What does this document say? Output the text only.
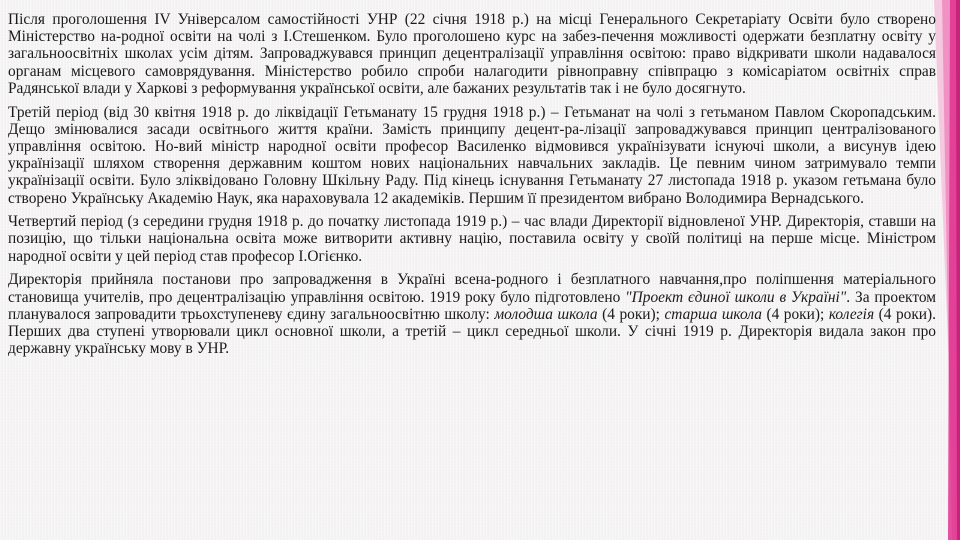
Після проголошення IV Універсалом самостійності УНР (22 січня 1918 р.) на місці Генерального Секретаріату Освіти було створено Міністерство на-родної освіти на чолі з І.Стешенком. Було проголошено курс на забез-печення можливості одержати безплатну освіту у загальноосвітніх школах усім дітям. Запроваджувався принцип децентралізації управління освітою: право відкривати школи надавалося органам місцевого самоврядування. Міністерство робило спроби налагодити рівноправну співпрацю з комісаріатом освітніх справ Радянської влади у Харкові з реформування української освіти, але бажаних результатів так і не було досягнуто.

Третій період (від 30 квітня 1918 р. до ліквідації Гетьманату 15 грудня 1918 р.) – Гетьманат на чолі з гетьманом Павлом Скоропадським. Дещо змінювалися засади освітнього життя країни. Замість принципу децент-ра-лізації запроваджувався принцип централізованого управління освітою. Но-вий міністр народної освіти професор Василенко відмовився українізувати існуючі школи, а висунув ідею українізації шляхом створення державним коштом нових національних навчальних закладів. Це певним чином затримувало темпи українізації освіти. Було зліквідовано Головну Шкільну Раду. Під кінець існування Гетьманату 27 листопада 1918 р. указом гетьмана було створено Українську Академію Наук, яка нараховувала 12 академіків. Першим її президентом вибрано Володимира Вернадського.

Четвертий період (з середини грудня 1918 р. до початку листопада 1919 р.) – час влади Директорії відновленої УНР. Директорія, ставши на позицію, що тільки національна освіта може витворити активну націю, поставила освіту у своїй політиці на перше місце. Міністром народної освіти у цей період став професор І.Огієнко.

Директорія прийняла постанови про запровадження в Україні всена-родного і безплатного навчання,про поліпшення матеріального становища учителів, про децентралізацію управління освітою. 1919 року було підготовлено "Проект єдиної школи в Україні". За проектом планувалося запровадити трьохступеневу єдину загальноосвітню школу: молодша школа (4 роки); старша школа (4 роки); колегія (4 роки). Перших два ступені утворювали цикл основної школи, а третій – цикл середньої школи. У січні 1919 р. Директорія видала закон про державну українську мову в УНР.
